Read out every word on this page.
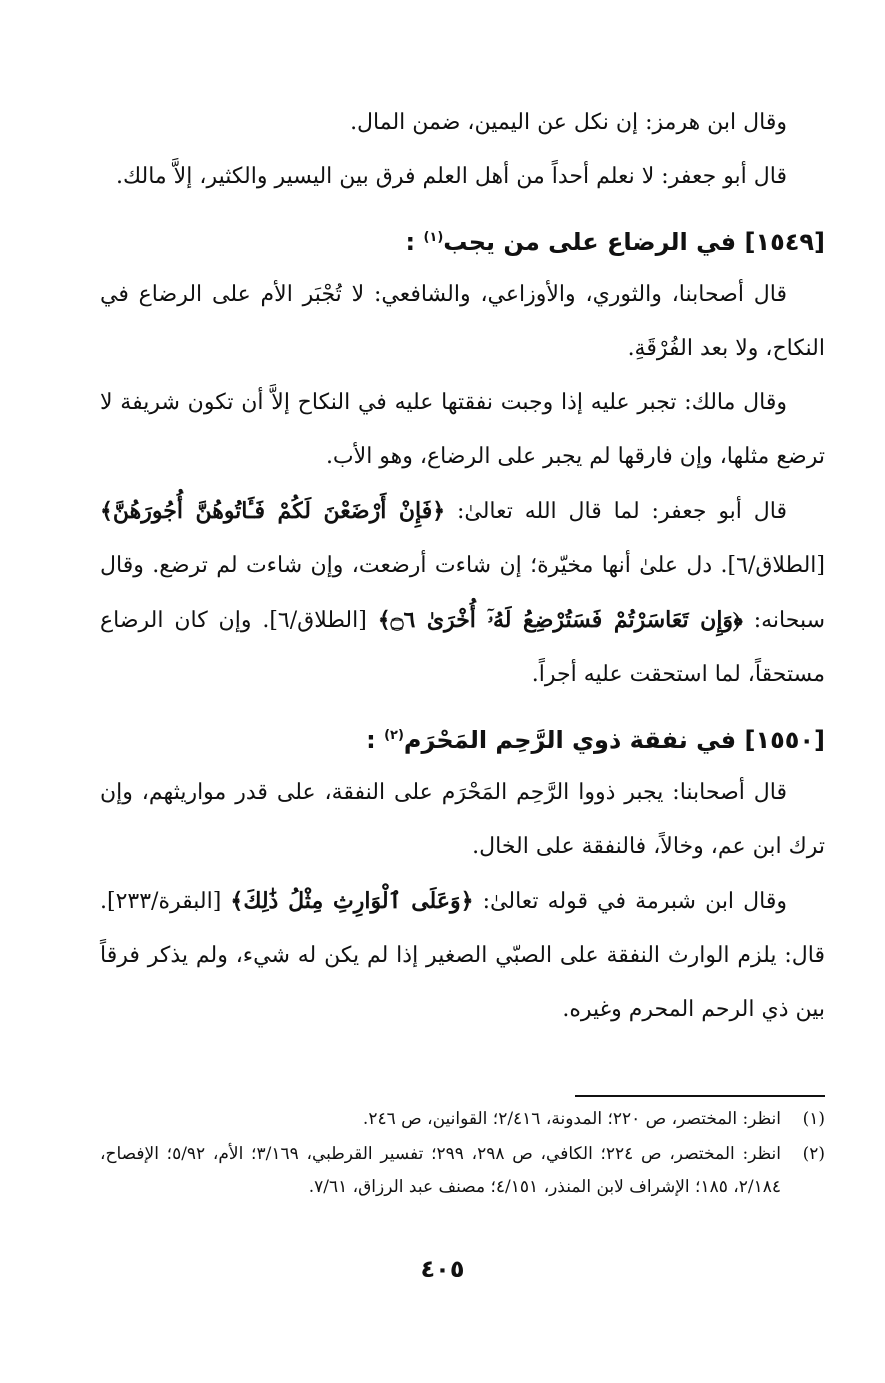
وقال ابن هرمز: إن نكل عن اليمين، ضمن المال.

قال أبو جعفر: لا نعلم أحداً من أهل العلم فرق بين اليسير والكثير، إلاَّ مالك.

[١٥٤٩] في الرضاع على من يجب$^{(١)}$ :

قال أصحابنا، والثوري، والأوزاعي، والشافعي: لا تُجْبَر الأم على الرضاع في النكاح، ولا بعد الفُرْقَةِ.

وقال مالك: تجبر عليه إذا وجبت نفقتها عليه في النكاح إلاَّ أن تكون شريفة لا ترضع مثلها، وإن فارقها لم يجبر على الرضاع، وهو الأب.

قال أبو جعفر: لما قال الله تعالىٰ: ﴿فَإِنْ أَرْضَعْنَ لَكُمْ فَـَٔاتُوهُنَّ أُجُورَهُنَّ﴾ [الطلاق/٦]. دل علىٰ أنها مخيّرة؛ إن شاءت أرضعت، وإن شاءت لم ترضع. وقال سبحانه: ﴿وَإِن تَعَاسَرْتُمْ فَسَتُرْضِعُ لَهُۥٓ أُخْرَىٰ ۝٦﴾ [الطلاق/٦]. وإن كان الرضاع مستحقاً، لما استحقت عليه أجراً.

[١٥٥٠] في نفقة ذوي الرَّحِم المَحْرَم$^{(٢)}$ :

قال أصحابنا: يجبر ذووا الرَّحِم المَحْرَم على النفقة، على قدر مواريثهم، وإن ترك ابن عم، وخالاً، فالنفقة على الخال.

وقال ابن شبرمة في قوله تعالىٰ: ﴿وَعَلَى ٱلْوَارِثِ مِثْلُ ذَٰلِكَ﴾ [البقرة/٢٣٣]. قال: يلزم الوارث النفقة على الصبّي الصغير إذا لم يكن له شيء، ولم يذكر فرقاً بين ذي الرحم المحرم وغيره.

(١)
انظر: المختصر، ص ٢٢٠؛ المدونة، ٢/٤١٦؛ القوانين، ص ٢٤٦.
(٢)
انظر: المختصر، ص ٢٢٤؛ الكافي، ص ٢٩٨، ٢٩٩؛ تفسير القرطبي، ٣/١٦٩؛ الأم، ٥/٩٢؛ الإفصاح، ٢/١٨٤، ١٨٥؛ الإشراف لابن المنذر، ٤/١٥١؛ مصنف عبد الرزاق، ٧/٦١.
٤٠٥
